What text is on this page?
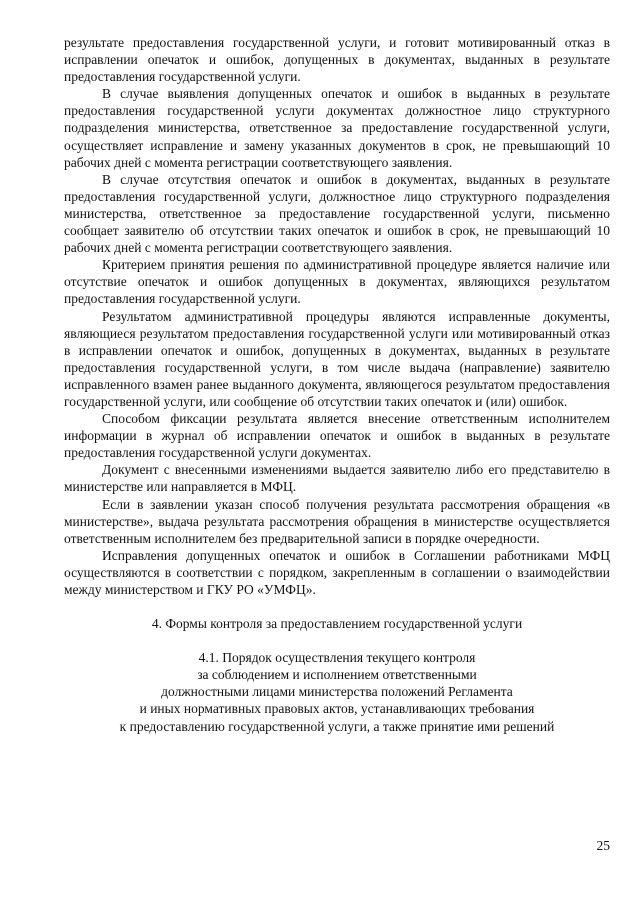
результате предоставления государственной услуги, и готовит мотивированный отказ в исправлении опечаток и ошибок, допущенных в документах, выданных в результате предоставления государственной услуги.

В случае выявления допущенных опечаток и ошибок в выданных в результате предоставления государственной услуги документах должностное лицо структурного подразделения министерства, ответственное за предоставление государственной услуги, осуществляет исправление и замену указанных документов в срок, не превышающий 10 рабочих дней с момента регистрации соответствующего заявления.

В случае отсутствия опечаток и ошибок в документах, выданных в результате предоставления государственной услуги, должностное лицо структурного подразделения министерства, ответственное за предоставление государственной услуги, письменно сообщает заявителю об отсутствии таких опечаток и ошибок в срок, не превышающий 10 рабочих дней с момента регистрации соответствующего заявления.

Критерием принятия решения по административной процедуре является наличие или отсутствие опечаток и ошибок допущенных в документах, являющихся результатом предоставления государственной услуги.

Результатом административной процедуры являются исправленные документы, являющиеся результатом предоставления государственной услуги или мотивированный отказ в исправлении опечаток и ошибок, допущенных в документах, выданных в результате предоставления государственной услуги, в том числе выдача (направление) заявителю исправленного взамен ранее выданного документа, являющегося результатом предоставления государственной услуги, или сообщение об отсутствии таких опечаток и (или) ошибок.

Способом фиксации результата является внесение ответственным исполнителем информации в журнал об исправлении опечаток и ошибок в выданных в результате предоставления государственной услуги документах.

Документ с внесенными изменениями выдается заявителю либо его представителю в министерстве или направляется в МФЦ.

Если в заявлении указан способ получения результата рассмотрения обращения «в министерстве», выдача результата рассмотрения обращения в министерстве осуществляется ответственным исполнителем без предварительной записи в порядке очередности.

Исправления допущенных опечаток и ошибок в Соглашении работниками МФЦ осуществляются в соответствии с порядком, закрепленным в соглашении о взаимодействии между министерством и ГКУ РО «УМФЦ».

4. Формы контроля за предоставлением государственной услуги
4.1. Порядок осуществления текущего контроля
за соблюдением и исполнением ответственными
должностными лицами министерства положений Регламента
и иных нормативных правовых актов, устанавливающих требования
к предоставлению государственной услуги, а также принятие ими решений
25
